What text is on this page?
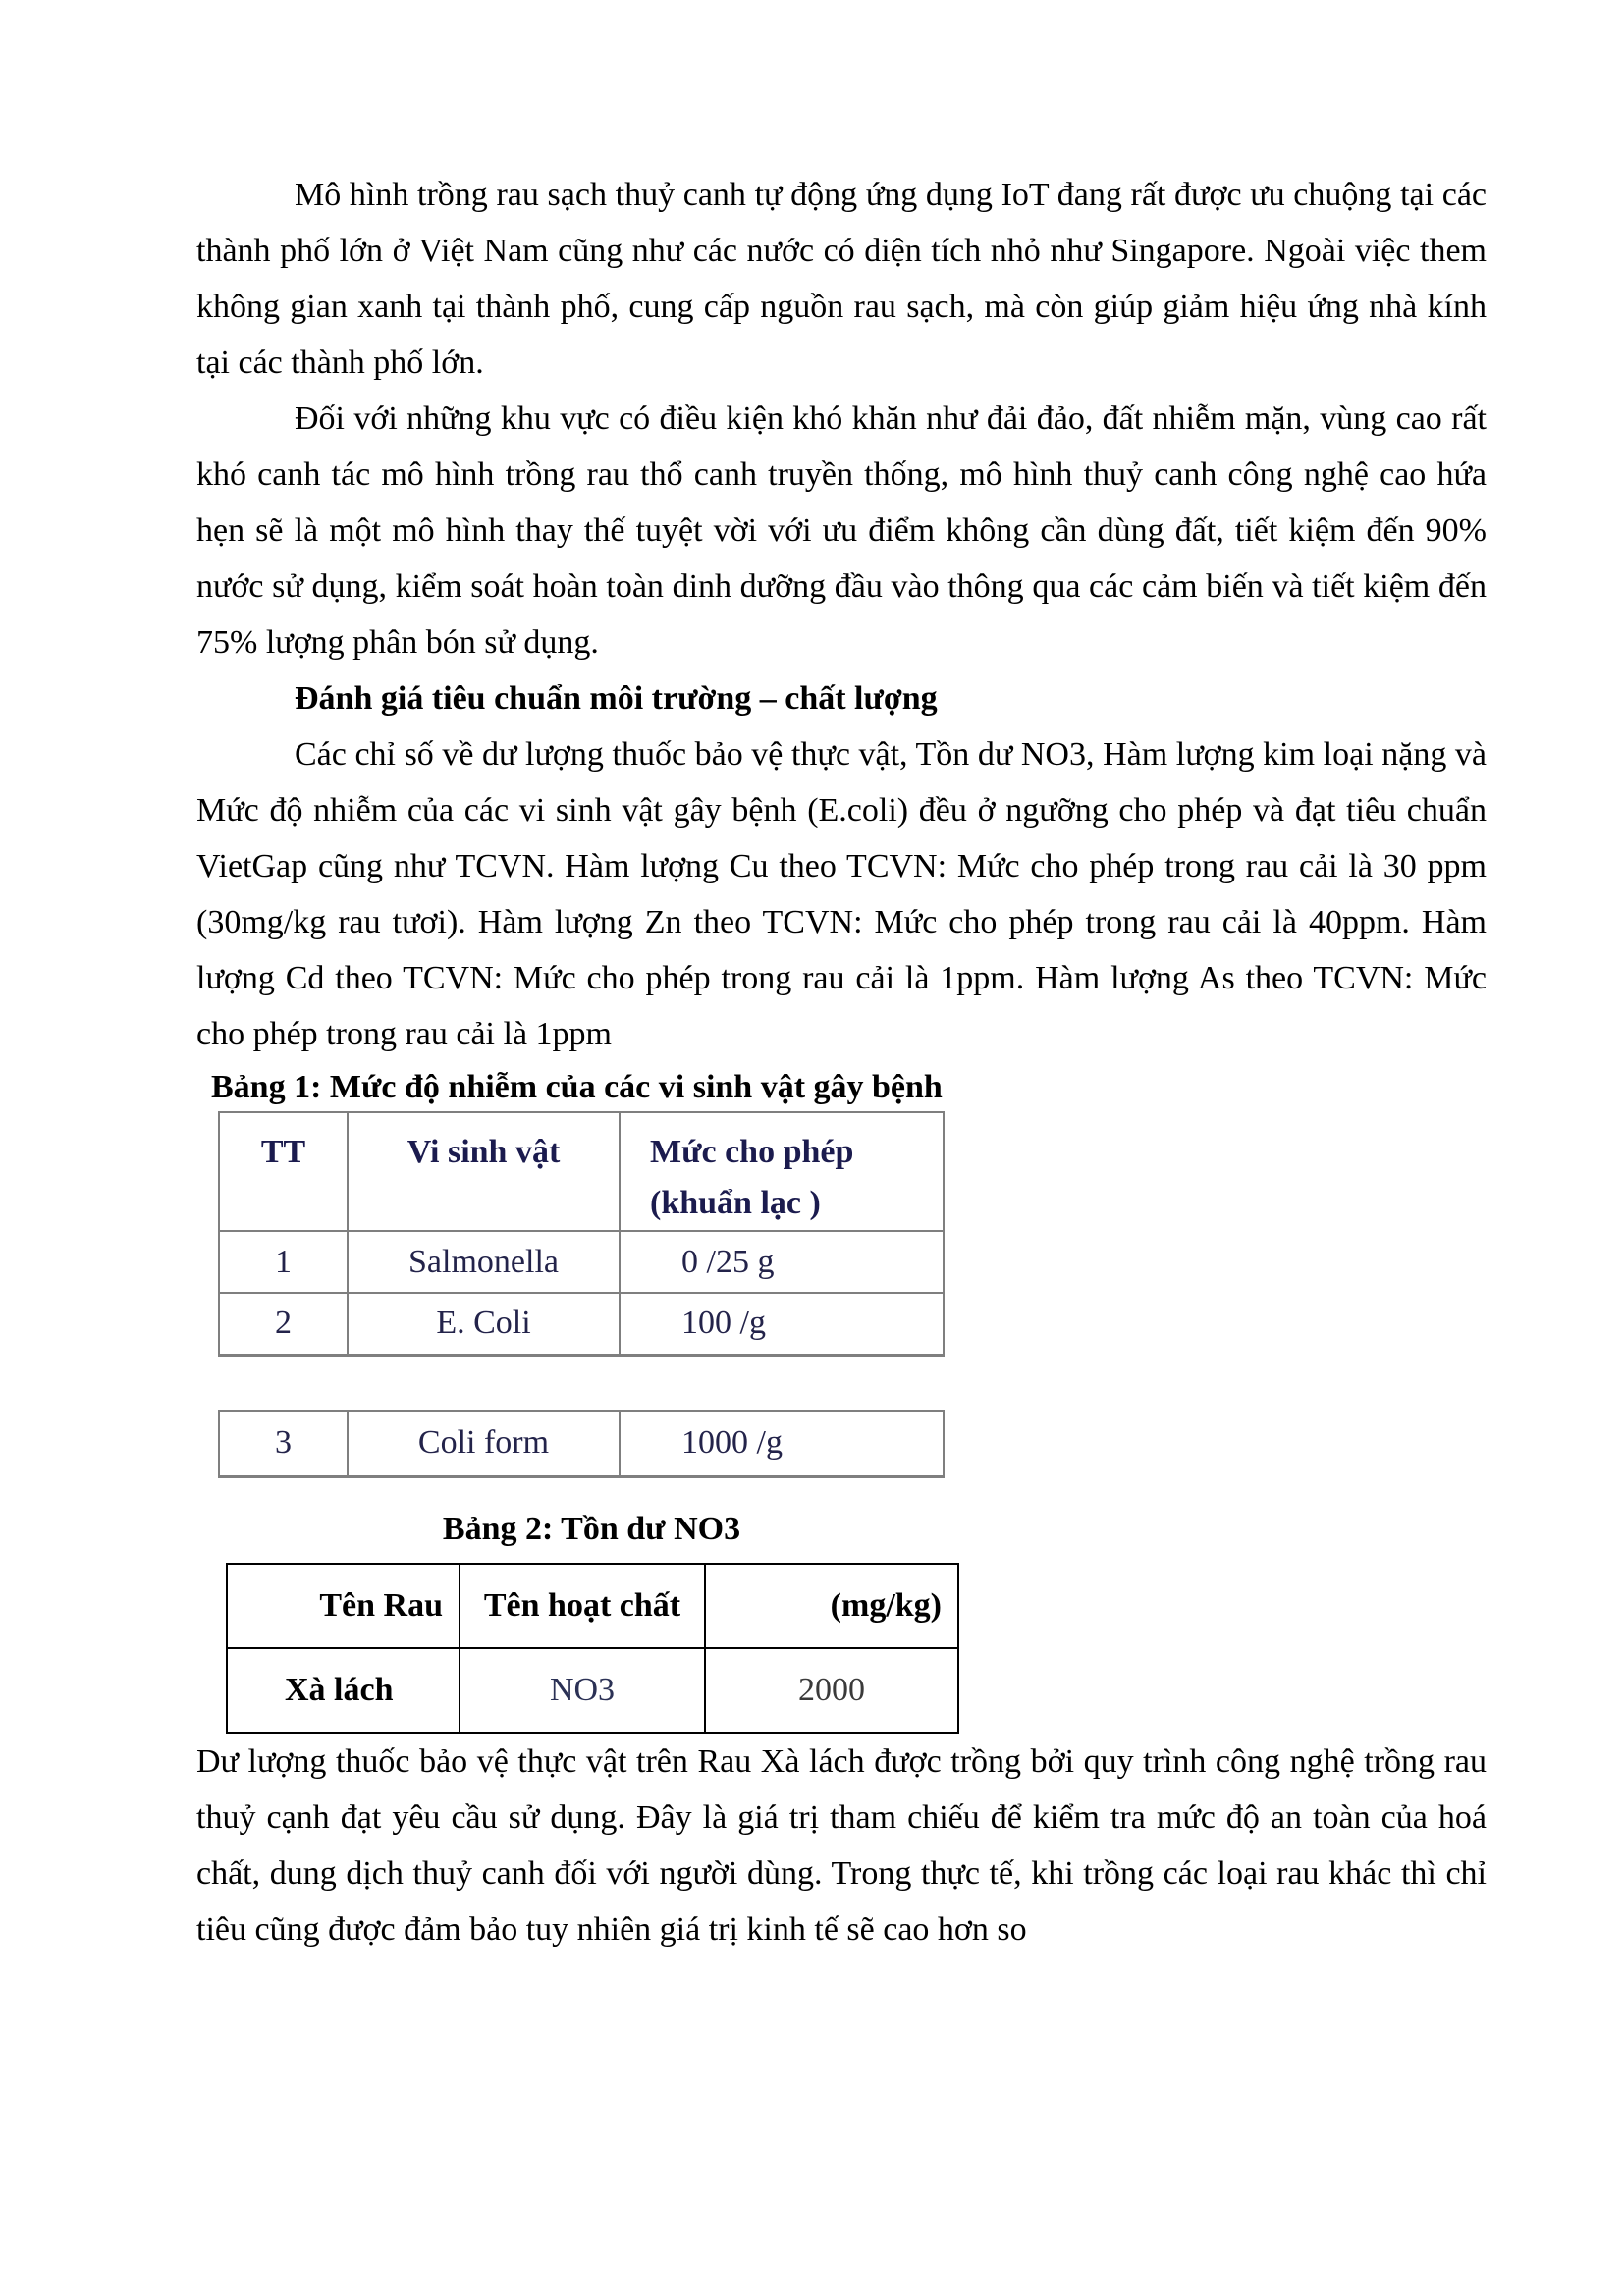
Mô hình trồng rau sạch thuỷ canh tự động ứng dụng IoT đang rất được ưu chuộng tại các thành phố lớn ở Việt Nam cũng như các nước có diện tích nhỏ như Singapore. Ngoài việc them không gian xanh tại thành phố, cung cấp nguồn rau sạch, mà còn giúp giảm hiệu ứng nhà kính tại các thành phố lớn.

Đối với những khu vực có điều kiện khó khăn như đải đảo, đất nhiễm mặn, vùng cao rất khó canh tác mô hình trồng rau thổ canh truyền thống, mô hình thuỷ canh công nghệ cao hứa hẹn sẽ là một mô hình thay thế tuyệt vời với ưu điểm không cần dùng đất, tiết kiệm đến 90% nước sử dụng, kiểm soát hoàn toàn dinh dưỡng đầu vào thông qua các cảm biến và tiết kiệm đến 75% lượng phân bón sử dụng.

Đánh giá tiêu chuẩn môi trường – chất lượng

Các chỉ số về dư lượng thuốc bảo vệ thực vật, Tồn dư NO3, Hàm lượng kim loại nặng và Mức độ nhiễm của các vi sinh vật gây bệnh (E.coli) đều ở ngưỡng cho phép và đạt tiêu chuẩn VietGap cũng như TCVN. Hàm lượng Cu theo TCVN: Mức cho phép trong rau cải là 30 ppm (30mg/kg rau tươi). Hàm lượng Zn theo TCVN: Mức cho phép trong rau cải là 40ppm. Hàm lượng Cd theo TCVN: Mức cho phép trong rau cải là 1ppm. Hàm lượng As theo TCVN: Mức cho phép trong rau cải là 1ppm

Bảng 1: Mức độ nhiễm của các vi sinh vật gây bệnh
TT	Vi sinh vật	Mức cho phép (khuẩn lạc )
1	Salmonella	0 /25 g
2	E. Coli	100 /g
3	Coli form	1000 /g
Bảng 2: Tồn dư NO3
Tên Rau	Tên hoạt chất	(mg/kg)
Xà lách	NO3	2000

Dư lượng thuốc bảo vệ thực vật trên Rau Xà lách được trồng bởi quy trình công nghệ trồng rau thuỷ cạnh đạt yêu cầu sử dụng. Đây là giá trị tham chiếu để kiểm tra mức độ an toàn của hoá chất, dung dịch thuỷ canh đối với người dùng. Trong thực tế, khi trồng các loại rau khác thì chỉ tiêu cũng được đảm bảo tuy nhiên giá trị kinh tế sẽ cao hơn so
